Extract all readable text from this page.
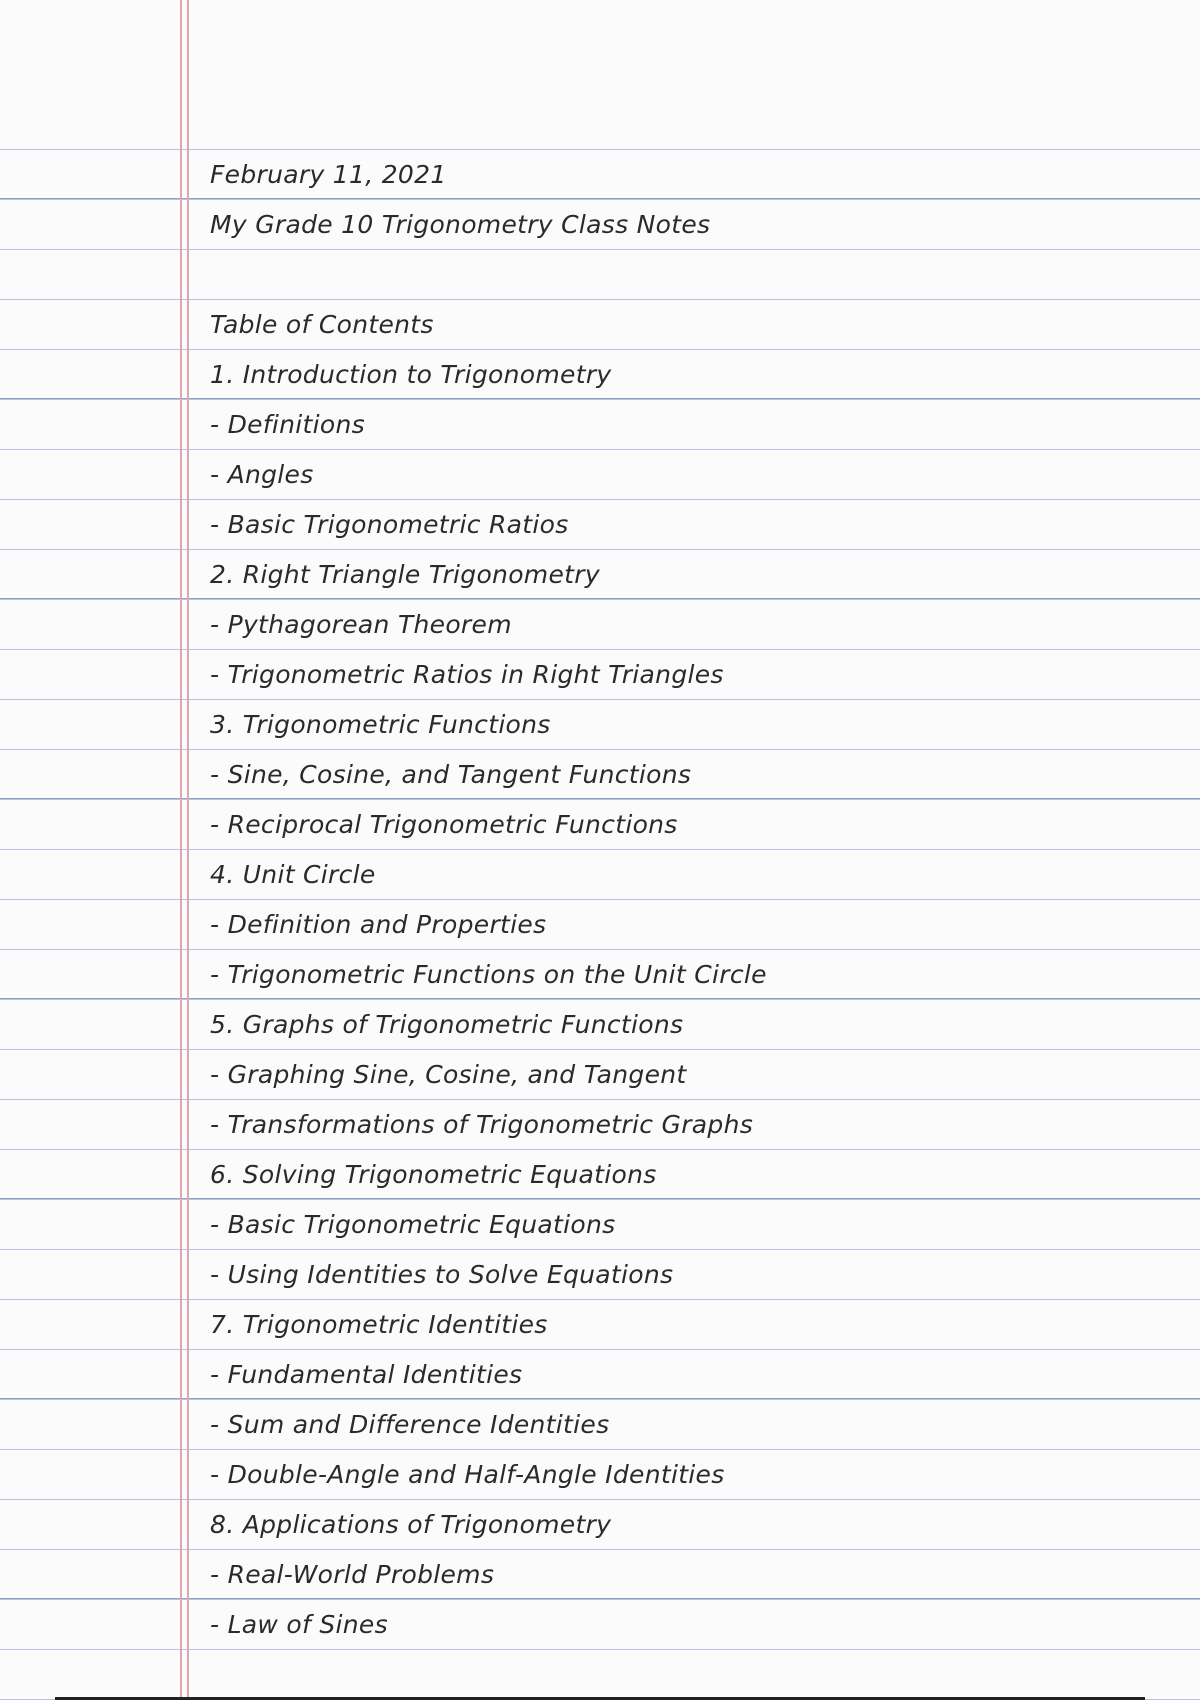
February 11, 2021
My Grade 10 Trigonometry Class Notes
Table of Contents
1. Introduction to Trigonometry
- Definitions
- Angles
- Basic Trigonometric Ratios
2. Right Triangle Trigonometry
- Pythagorean Theorem
- Trigonometric Ratios in Right Triangles
3. Trigonometric Functions
- Sine, Cosine, and Tangent Functions
- Reciprocal Trigonometric Functions
4. Unit Circle
- Definition and Properties
- Trigonometric Functions on the Unit Circle
5. Graphs of Trigonometric Functions
- Graphing Sine, Cosine, and Tangent
- Transformations of Trigonometric Graphs
6. Solving Trigonometric Equations
- Basic Trigonometric Equations
- Using Identities to Solve Equations
7. Trigonometric Identities
- Fundamental Identities
- Sum and Difference Identities
- Double-Angle and Half-Angle Identities
8. Applications of Trigonometry
- Real-World Problems
- Law of Sines
